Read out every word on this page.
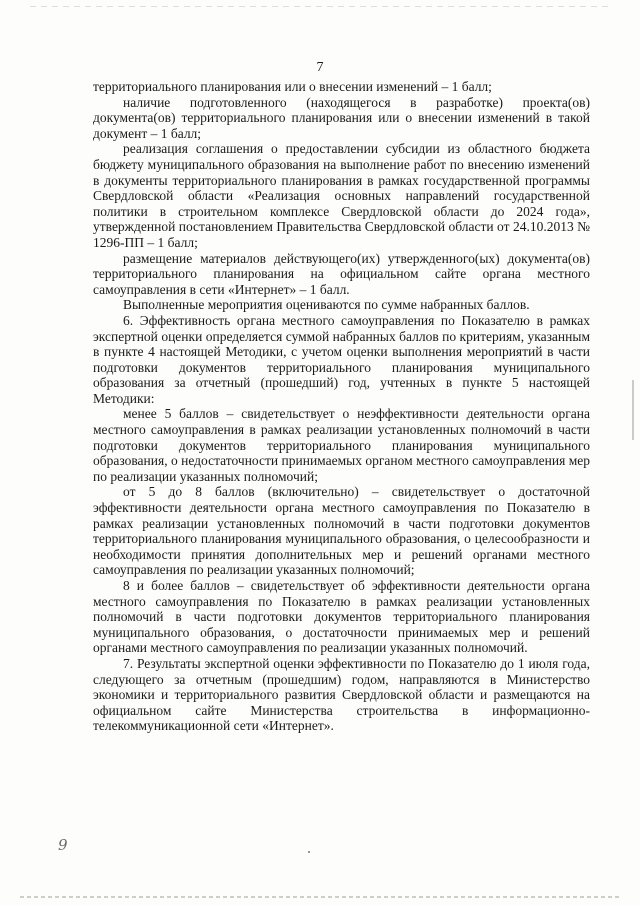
7

территориального планирования или о внесении изменений – 1 балл;

наличие подготовленного (находящегося в разработке) проекта(ов) документа(ов) территориального планирования или о внесении изменений в такой документ – 1 балл;

реализация соглашения о предоставлении субсидии из областного бюджета бюджету муниципального образования на выполнение работ по внесению изменений в документы территориального планирования в рамках государственной программы Свердловской области «Реализация основных направлений государственной политики в строительном комплексе Свердловской области до 2024 года», утвержденной постановлением Правительства Свердловской области от 24.10.2013 № 1296-ПП – 1 балл;

размещение материалов действующего(их) утвержденного(ых) документа(ов) территориального планирования на официальном сайте органа местного самоуправления в сети «Интернет» – 1 балл.

Выполненные мероприятия оцениваются по сумме набранных баллов.

6. Эффективность органа местного самоуправления по Показателю в рамках экспертной оценки определяется суммой набранных баллов по критериям, указанным в пункте 4 настоящей Методики, с учетом оценки выполнения мероприятий в части подготовки документов территориального планирования муниципального образования за отчетный (прошедший) год, учтенных в пункте 5 настоящей Методики:

менее 5 баллов – свидетельствует о неэффективности деятельности органа местного самоуправления в рамках реализации установленных полномочий в части подготовки документов территориального планирования муниципального образования, о недостаточности принимаемых органом местного самоуправления мер по реализации указанных полномочий;

от 5 до 8 баллов (включительно) – свидетельствует о достаточной эффективности деятельности органа местного самоуправления по Показателю в рамках реализации установленных полномочий в части подготовки документов территориального планирования муниципального образования, о целесообразности и необходимости принятия дополнительных мер и решений органами местного самоуправления по реализации указанных полномочий;

8 и более баллов – свидетельствует об эффективности деятельности органа местного самоуправления по Показателю в рамках реализации установленных полномочий в части подготовки документов территориального планирования муниципального образования, о достаточности принимаемых мер и решений органами местного самоуправления по реализации указанных полномочий.

7. Результаты экспертной оценки эффективности по Показателю до 1 июля года, следующего за отчетным (прошедшим) годом, направляются в Министерство экономики и территориального развития Свердловской области и размещаются на официальном сайте Министерства строительства в информационно-телекоммуникационной сети «Интернет».

9
